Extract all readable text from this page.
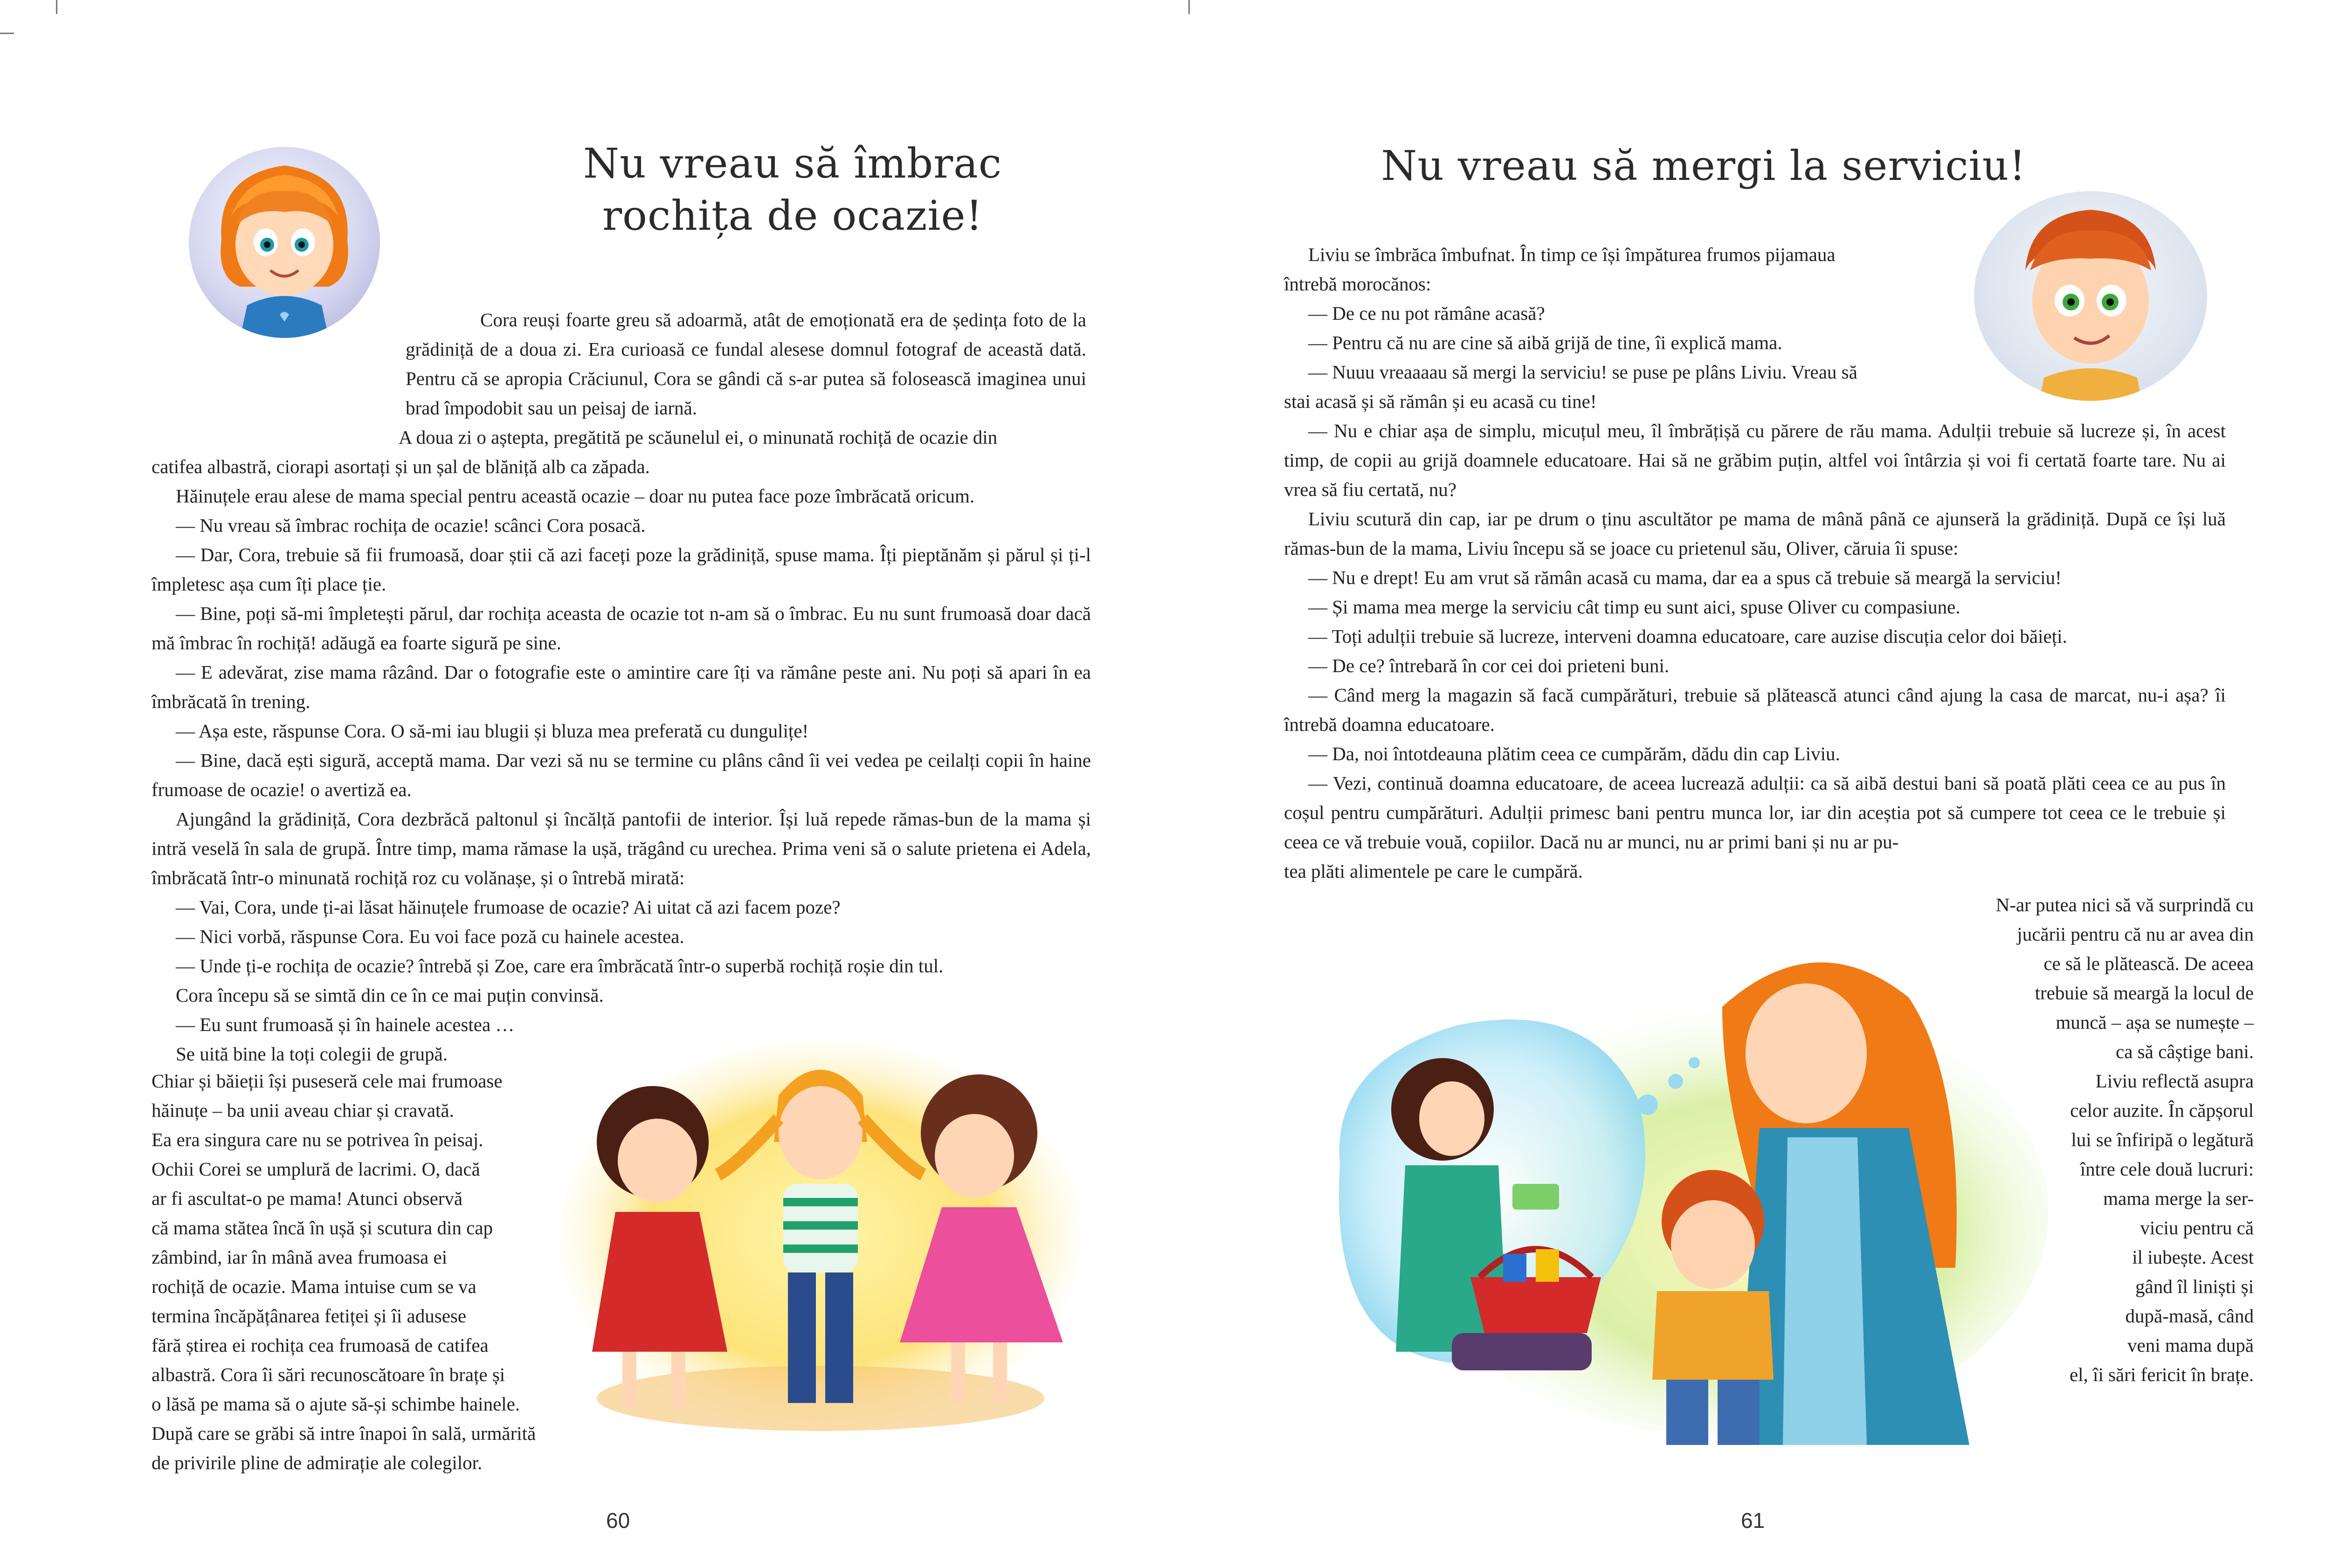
Nu vreau să îmbrac
rochița de ocazie!

Cora reuși foarte greu să adoarmă, atât de emoționată era de ședința foto de la grădiniță de a doua zi. Era curioasă ce fundal alesese domnul fotograf de această dată. Pentru că se apropia Crăciunul, Cora se gândi că s-ar putea să folosească imaginea unui brad împodobit sau un peisaj de iarnă.

A doua zi o aștepta, pregătită pe scăunelul ei, o minunată rochiță de ocazie din

catifea albastră, ciorapi asortați și un șal de blăniță alb ca zăpada.

Hăinuțele erau alese de mama special pentru această ocazie – doar nu putea face poze îmbrăcată oricum.

— Nu vreau să îmbrac rochița de ocazie! scânci Cora posacă.

— Dar, Cora, trebuie să fii frumoasă, doar știi că azi faceți poze la grădiniță, spuse mama. Îți pieptănăm și părul și ți-l împletesc așa cum îți place ție.

— Bine, poți să-mi împletești părul, dar rochița aceasta de ocazie tot n-am să o îmbrac. Eu nu sunt frumoasă doar dacă mă îmbrac în rochiță! adăugă ea foarte sigură pe sine.

— E adevărat, zise mama râzând. Dar o fotografie este o amintire care îți va rămâne peste ani. Nu poți să apari în ea îmbrăcată în trening.

— Așa este, răspunse Cora. O să-mi iau blugii și bluza mea preferată cu dungulițe!

— Bine, dacă ești sigură, acceptă mama. Dar vezi să nu se termine cu plâns când îi vei vedea pe ceilalți copii în haine frumoase de ocazie! o avertiză ea.

Ajungând la grădiniță, Cora dezbrăcă paltonul și încălță pantofii de interior. Își luă repede rămas-bun de la mama și intră veselă în sala de grupă. Între timp, mama rămase la ușă, trăgând cu urechea. Prima veni să o salute prietena ei Adela, îmbrăcată într-o minunată rochiță roz cu volănașe, și o întrebă mirată:

— Vai, Cora, unde ți-ai lăsat hăinuțele frumoase de ocazie? Ai uitat că azi facem poze?

— Nici vorbă, răspunse Cora. Eu voi face poză cu hainele acestea.

— Unde ți-e rochița de ocazie? întrebă și Zoe, care era îmbrăcată într-o superbă rochiță roșie din tul.

Cora începu să se simtă din ce în ce mai puțin convinsă.

— Eu sunt frumoasă și în hainele acestea …

Se uită bine la toți colegii de grupă.

Chiar și băieții își puseseră cele mai frumoase
hăinuțe – ba unii aveau chiar și cravată.
Ea era singura care nu se potrivea în peisaj.
Ochii Corei se umplură de lacrimi. O, dacă
ar fi ascultat-o pe mama! Atunci observă
că mama stătea încă în ușă și scutura din cap
zâmbind, iar în mână avea frumoasa ei
rochiță de ocazie. Mama intuise cum se va
termina încăpățânarea fetiței și îi adusese
fără știrea ei rochița cea frumoasă de catifea
albastră. Cora îi sări recunoscătoare în brațe și
o lăsă pe mama să o ajute să-și schimbe hainele.
După care se grăbi să intre înapoi în sală, urmărită
de privirile pline de admirație ale colegilor.
60
Nu vreau să mergi la serviciu!
Liviu se îmbrăca îmbufnat. În timp ce își împăturea frumos pijamaua
întrebă morocănos:
— De ce nu pot rămâne acasă?
— Pentru că nu are cine să aibă grijă de tine, îi explică mama.
— Nuuu vreaaaau să mergi la serviciu! se puse pe plâns Liviu. Vreau să
stai acasă și să rămân și eu acasă cu tine!

— Nu e chiar așa de simplu, micuțul meu, îl îmbrățișă cu părere de rău mama. Adulții trebuie să lucreze și, în acest timp, de copii au grijă doamnele educatoare. Hai să ne grăbim puțin, altfel voi întârzia și voi fi certată foarte tare. Nu ai vrea să fiu certată, nu?

Liviu scutură din cap, iar pe drum o ținu ascultător pe mama de mână până ce ajunseră la grădiniță. După ce își luă rămas-bun de la mama, Liviu începu să se joace cu prietenul său, Oliver, căruia îi spuse:

— Nu e drept! Eu am vrut să rămân acasă cu mama, dar ea a spus că trebuie să meargă la serviciu!

— Și mama mea merge la serviciu cât timp eu sunt aici, spuse Oliver cu compasiune.

— Toți adulții trebuie să lucreze, interveni doamna educatoare, care auzise discuția celor doi băieți.

— De ce? întrebară în cor cei doi prieteni buni.

— Când merg la magazin să facă cumpărături, trebuie să plătească atunci când ajung la casa de marcat, nu-i așa? îi întrebă doamna educatoare.

— Da, noi întotdeauna plătim ceea ce cumpărăm, dădu din cap Liviu.

— Vezi, continuă doamna educatoare, de aceea lucrează adulții: ca să aibă destui bani să poată plăti ceea ce au pus în coșul pentru cumpărături. Adulții primesc bani pentru munca lor, iar din aceștia pot să cumpere tot ceea ce le trebuie și ceea ce vă trebuie vouă, copiilor. Dacă nu ar munci, nu ar primi bani și nu ar pu-

tea plăti alimentele pe care le cumpără.

N-ar putea nici să vă surprindă cu
jucării pentru că nu ar avea din
ce să le plătească. De aceea
trebuie să meargă la locul de
muncă – așa se numește –
ca să câștige bani.
Liviu reflectă asupra
celor auzite. În căpșorul
lui se înfiripă o legătură
între cele două lucruri:
mama merge la ser-
viciu pentru că
il iubește. Acest
gând îl liniști și
după-masă, când
veni mama după
el, îi sări fericit în brațe.
61
